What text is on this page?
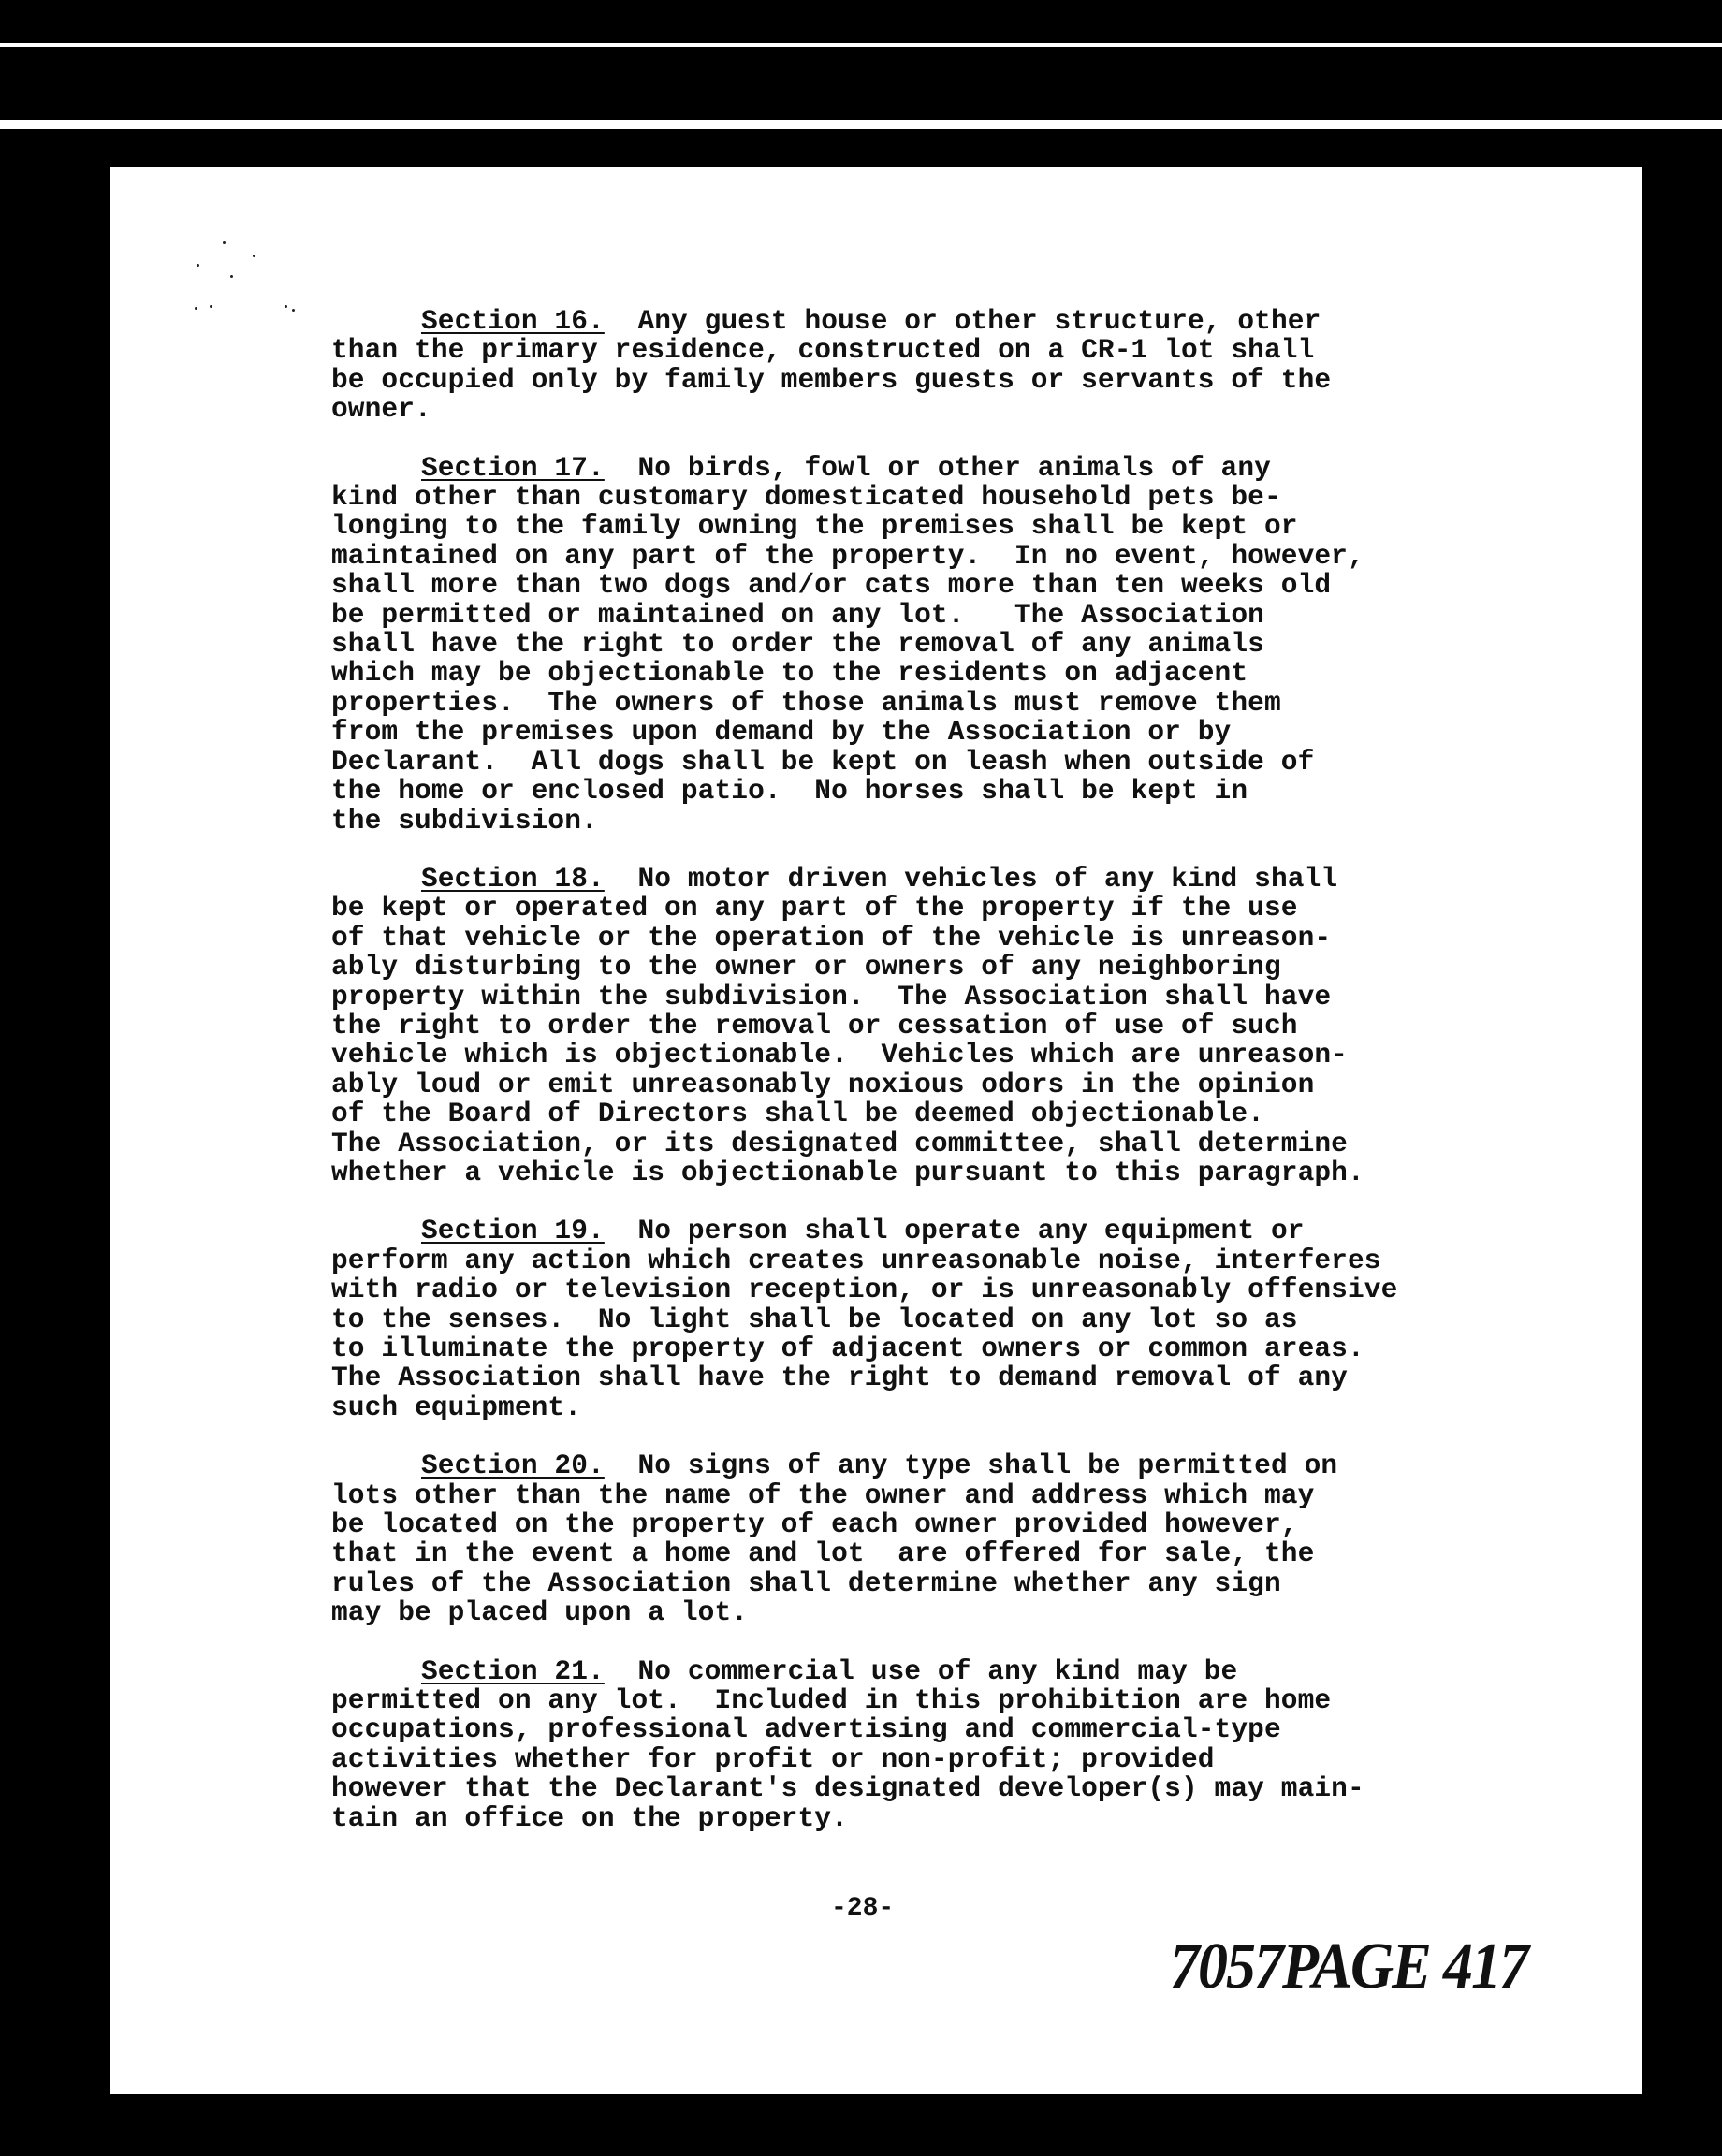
Section 16.  Any guest house or other structure, other
than the primary residence, constructed on a CR-1 lot shall
be occupied only by family members guests or servants of the
owner.
Section 17.  No birds, fowl or other animals of any
kind other than customary domesticated household pets be-
longing to the family owning the premises shall be kept or
maintained on any part of the property.  In no event, however,
shall more than two dogs and/or cats more than ten weeks old
be permitted or maintained on any lot.   The Association
shall have the right to order the removal of any animals
which may be objectionable to the residents on adjacent
properties.  The owners of those animals must remove them
from the premises upon demand by the Association or by
Declarant.  All dogs shall be kept on leash when outside of
the home or enclosed patio.  No horses shall be kept in
the subdivision.
Section 18.  No motor driven vehicles of any kind shall
be kept or operated on any part of the property if the use
of that vehicle or the operation of the vehicle is unreason-
ably disturbing to the owner or owners of any neighboring
property within the subdivision.  The Association shall have
the right to order the removal or cessation of use of such
vehicle which is objectionable.  Vehicles which are unreason-
ably loud or emit unreasonably noxious odors in the opinion
of the Board of Directors shall be deemed objectionable.
The Association, or its designated committee, shall determine
whether a vehicle is objectionable pursuant to this paragraph.
Section 19.  No person shall operate any equipment or
perform any action which creates unreasonable noise, interferes
with radio or television reception, or is unreasonably offensive
to the senses.  No light shall be located on any lot so as
to illuminate the property of adjacent owners or common areas.
The Association shall have the right to demand removal of any
such equipment.
Section 20.  No signs of any type shall be permitted on
lots other than the name of the owner and address which may
be located on the property of each owner provided however,
that in the event a home and lot  are offered for sale, the
rules of the Association shall determine whether any sign
may be placed upon a lot.
Section 21.  No commercial use of any kind may be
permitted on any lot.  Included in this prohibition are home
occupations, professional advertising and commercial-type
activities whether for profit or non-profit; provided
however that the Declarant's designated developer(s) may main-
tain an office on the property.
-28-
7057PAGE 417
